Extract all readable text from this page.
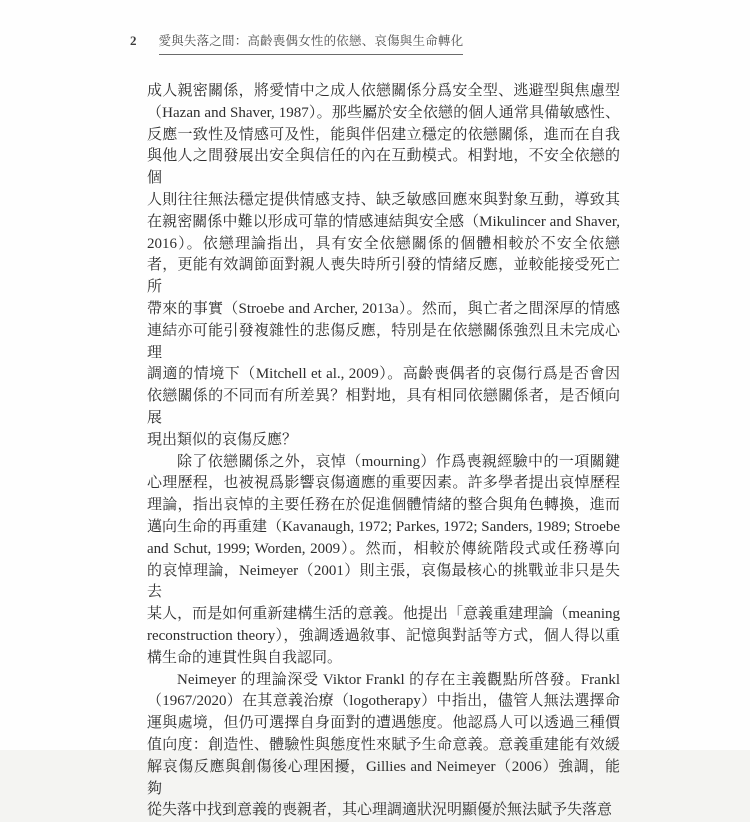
2 愛與失落之間：高齡喪偶女性的依戀、哀傷與生命轉化
成人親密關係，將愛情中之成人依戀關係分爲安全型、逃避型與焦慮型
（Hazan and Shaver, 1987）。那些屬於安全依戀的個人通常具備敏感性、
反應一致性及情感可及性，能與伴侶建立穩定的依戀關係，進而在自我
與他人之間發展出安全與信任的內在互動模式。相對地，不安全依戀的個
人則往往無法穩定提供情感支持、缺乏敏感回應來與對象互動，導致其
在親密關係中難以形成可靠的情感連結與安全感（Mikulincer and Shaver,
2016）。依戀理論指出，具有安全依戀關係的個體相較於不安全依戀
者，更能有效調節面對親人喪失時所引發的情緒反應，並較能接受死亡所
帶來的事實（Stroebe and Archer, 2013a）。然而，與亡者之間深厚的情感
連結亦可能引發複雜性的悲傷反應，特別是在依戀關係強烈且未完成心理
調適的情境下（Mitchell et al., 2009）。高齡喪偶者的哀傷行爲是否會因
依戀關係的不同而有所差異？相對地，具有相同依戀關係者，是否傾向展
現出類似的哀傷反應？
除了依戀關係之外，哀悼（mourning）作爲喪親經驗中的一項關鍵
心理歷程，也被視爲影響哀傷適應的重要因素。許多學者提出哀悼歷程
理論，指出哀悼的主要任務在於促進個體情緒的整合與角色轉換，進而
邁向生命的再重建（Kavanaugh, 1972; Parkes, 1972; Sanders, 1989; Stroebe
and Schut, 1999; Worden, 2009）。然而，相較於傳統階段式或任務導向
的哀悼理論，Neimeyer（2001）則主張，哀傷最核心的挑戰並非只是失去
某人，而是如何重新建構生活的意義。他提出「意義重建理論（meaning
reconstruction theory），強調透過敘事、記憶與對話等方式，個人得以重
構生命的連貫性與自我認同。
Neimeyer 的理論深受 Viktor Frankl 的存在主義觀點所啓發。Frankl
（1967/2020）在其意義治療（logotherapy）中指出，儘管人無法選擇命
運與處境，但仍可選擇自身面對的遭遇態度。他認爲人可以透過三種價
值向度：創造性、體驗性與態度性來賦予生命意義。意義重建能有效緩
解哀傷反應與創傷後心理困擾，Gillies and Neimeyer（2006）強調，能夠
從失落中找到意義的喪親者，其心理調適狀況明顯優於無法賦予失落意
